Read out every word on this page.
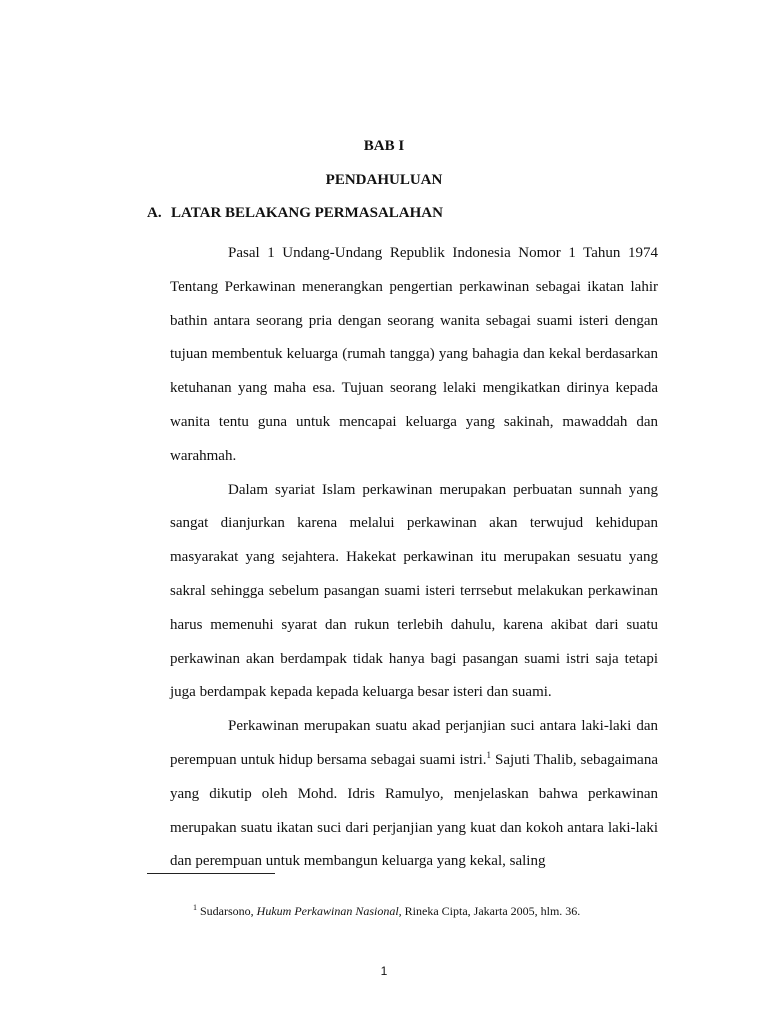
BAB I
PENDAHULUAN
A. LATAR BELAKANG PERMASALAHAN

Pasal 1 Undang-Undang Republik Indonesia Nomor 1 Tahun 1974 Tentang Perkawinan menerangkan pengertian perkawinan sebagai ikatan lahir bathin antara seorang pria dengan seorang wanita sebagai suami isteri dengan tujuan membentuk keluarga (rumah tangga) yang bahagia dan kekal berdasarkan ketuhanan yang maha esa. Tujuan seorang lelaki mengikatkan dirinya kepada wanita tentu guna untuk mencapai keluarga yang sakinah, mawaddah dan warahmah.

Dalam syariat Islam perkawinan merupakan perbuatan sunnah yang sangat dianjurkan karena melalui perkawinan akan terwujud kehidupan masyarakat yang sejahtera. Hakekat perkawinan itu merupakan sesuatu yang sakral sehingga sebelum pasangan suami isteri terrsebut melakukan perkawinan harus memenuhi syarat dan rukun terlebih dahulu, karena akibat dari suatu perkawinan akan berdampak tidak hanya bagi pasangan suami istri saja tetapi juga berdampak kepada kepada keluarga besar isteri dan suami.

Perkawinan merupakan suatu akad perjanjian suci antara laki-laki dan perempuan untuk hidup bersama sebagai suami istri.$^1$ Sajuti Thalib, sebagaimana yang dikutip oleh Mohd. Idris Ramulyo, menjelaskan bahwa perkawinan merupakan suatu ikatan suci dari perjanjian yang kuat dan kokoh antara laki-laki dan perempuan untuk membangun keluarga yang kekal, saling

$^1$ Sudarsono, Hukum Perkawinan Nasional, Rineka Cipta, Jakarta 2005, hlm. 36.
1
